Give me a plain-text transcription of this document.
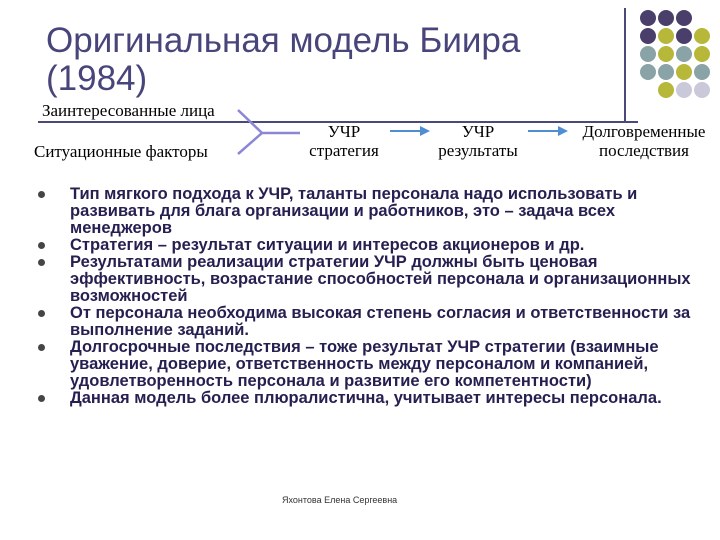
Оригинальная модель Биира (1984)
Заинтересованные лица
Ситуационные факторы
УЧР стратегия
УЧР результаты
Долговременные последствия
Тип мягкого подхода к УЧР, таланты персонала надо использовать и развивать для блага организации и работников, это – задача всех менеджеров
Стратегия – результат ситуации и интересов акционеров и др.
Результатами реализации стратегии УЧР должны быть ценовая эффективность, возрастание способностей персонала и организационных возможностей
От персонала необходима высокая степень согласия и ответственности за выполнение заданий.
Долгосрочные последствия – тоже результат УЧР стратегии (взаимные уважение, доверие, ответственность между персоналом и компанией, удовлетворенность персонала и развитие его компетентности)
Данная модель более плюралистична, учитывает интересы персонала.
Яхонтова Елена Сергеевна
